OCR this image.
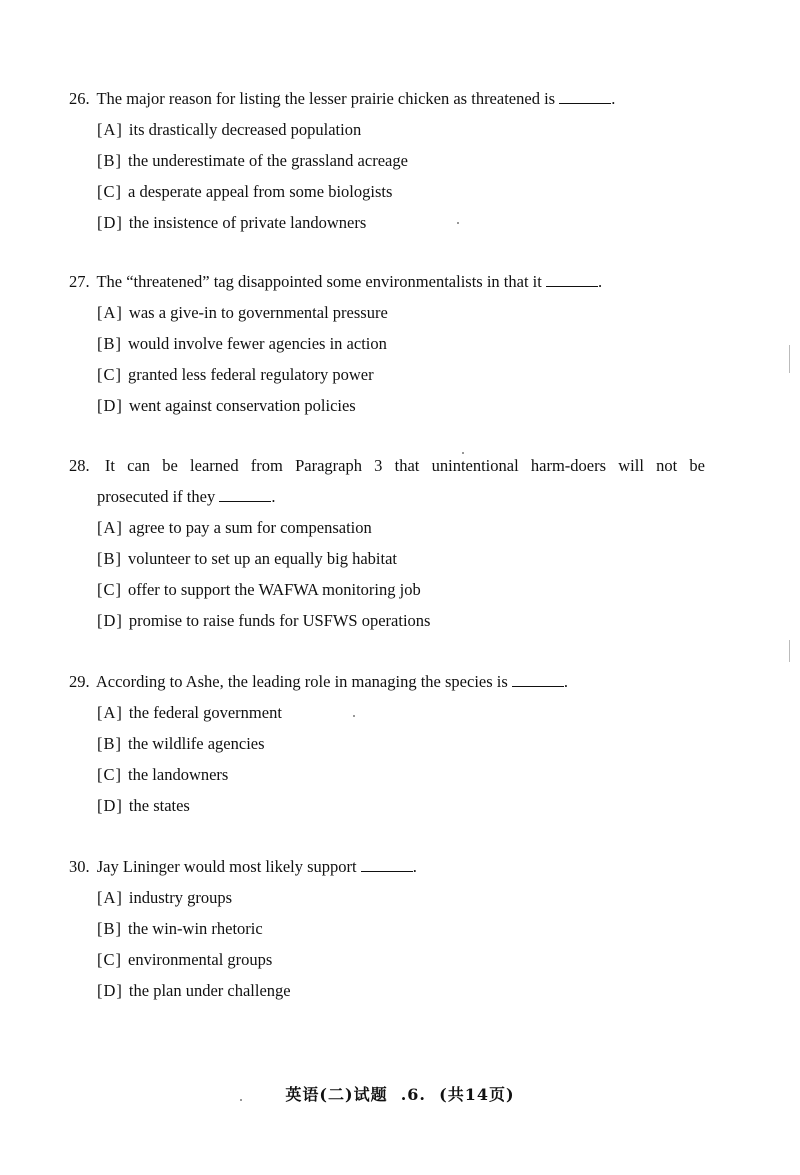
26. The major reason for listing the lesser prairie chicken as threatened is	.
[A] its drastically decreased population
[B] the underestimate of the grassland acreage
[C] a desperate appeal from some biologists
[D] the insistence of private landowners
27. The “threatened” tag disappointed some environmentalists in that it	.
[A] was a give-in to governmental pressure
[B] would involve fewer agencies in action
[C] granted less federal regulatory power
[D] went against conservation policies
28. It can be learned from Paragraph 3 that unintentional harm-doers will not be
prosecuted if they	.
[A] agree to pay a sum for compensation
[B] volunteer to set up an equally big habitat
[C] offer to support the WAFWA monitoring job
[D] promise to raise funds for USFWS operations
29. According to Ashe, the leading role in managing the species is	.
[A] the federal government
[B] the wildlife agencies
[C] the landowners
[D] the states
30. Jay Lininger would most likely support	.
[A] industry groups
[B] the win-win rhetoric
[C] environmental groups
[D] the plan under challenge
英语(二)试题 .6. (共14页)
